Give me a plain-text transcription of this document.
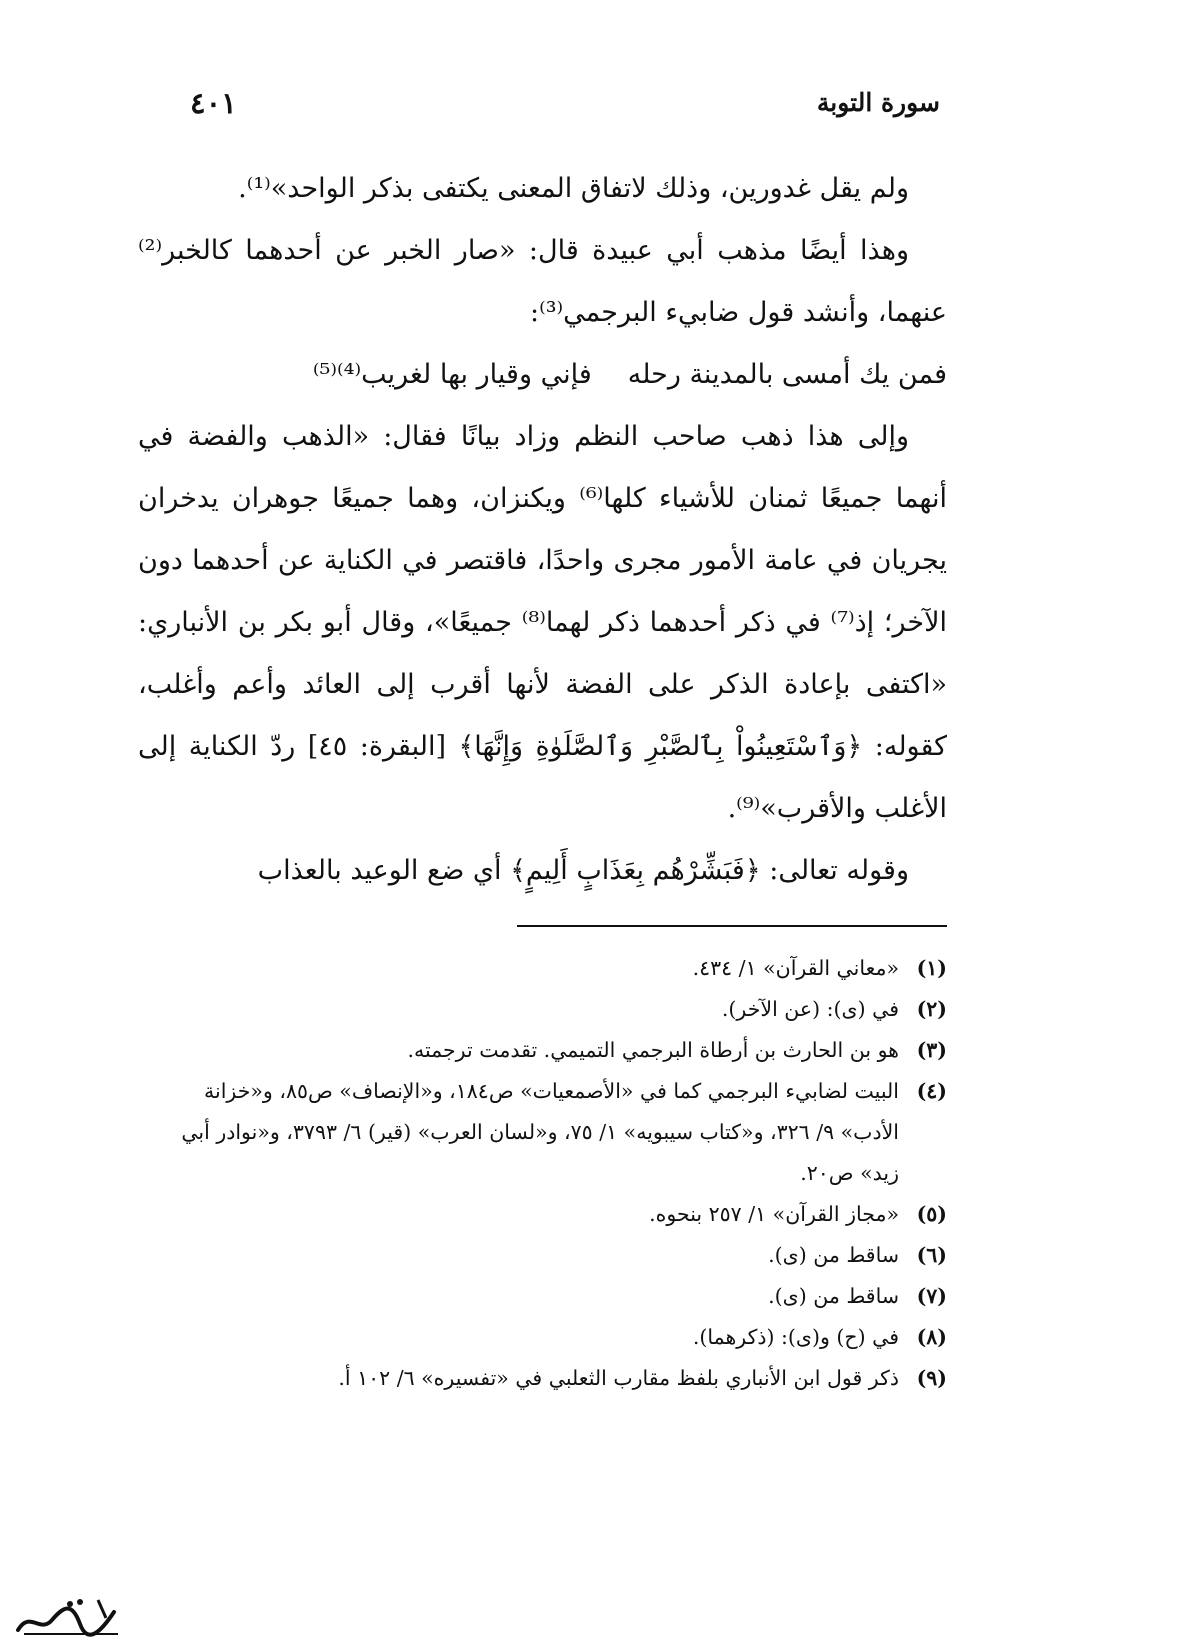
سورة التوبة
٤٠١

ولم يقل غدورين، وذلك لاتفاق المعنى يكتفى بذكر الواحد»⁽¹⁾.

وهذا أيضًا مذهب أبي عبيدة قال: «صار الخبر عن أحدهما كالخبر⁽²⁾ عنهما، وأنشد قول ضابيء البرجمي⁽³⁾:

فمن يك أمسى بالمدينة رحلهفإني وقيار بها لغريب⁽⁴⁾⁽⁵⁾

وإلى هذا ذهب صاحب النظم وزاد بيانًا فقال: «الذهب والفضة في أنهما جميعًا ثمنان للأشياء كلها⁽⁶⁾ ويكنزان، وهما جميعًا جوهران يدخران يجريان في عامة الأمور مجرى واحدًا، فاقتصر في الكناية عن أحدهما دون الآخر؛ إذ⁽⁷⁾ في ذكر أحدهما ذكر لهما⁽⁸⁾ جميعًا»، وقال أبو بكر بن الأنباري: «اكتفى بإعادة الذكر على الفضة لأنها أقرب إلى العائد وأعم وأغلب، كقوله: ﴿وَٱسْتَعِينُواْ بِٱلصَّبْرِ وَٱلصَّلَوٰةِ وَإِنَّهَا﴾ [البقرة: ٤٥] ردّ الكناية إلى الأغلب والأقرب»⁽⁹⁾.

وقوله تعالى: ﴿فَبَشِّرْهُم بِعَذَابٍ أَلِيمٍ﴾ أي ضع الوعيد بالعذاب

(١)
«معاني القرآن» ١/ ٤٣٤.
(٢)
في (ى): (عن الآخر).
(٣)
هو بن الحارث بن أرطاة البرجمي التميمي. تقدمت ترجمته.
(٤)
البيت لضابيء البرجمي كما في «الأصمعيات» ص١٨٤، و«الإنصاف» ص٨٥، و«خزانة الأدب» ٩/ ٣٢٦، و«كتاب سيبويه» ١/ ٧٥، و«لسان العرب» (قير) ٦/ ٣٧٩٣، و«نوادر أبي زيد» ص٢٠.
(٥)
«مجاز القرآن» ١/ ٢٥٧ بنحوه.
(٦)
ساقط من (ى).
(٧)
ساقط من (ى).
(٨)
في (ح) و(ى): (ذكرهما).
(٩)
ذكر قول ابن الأنباري بلفظ مقارب الثعلبي في «تفسيره» ٦/ ١٠٢ أ.
